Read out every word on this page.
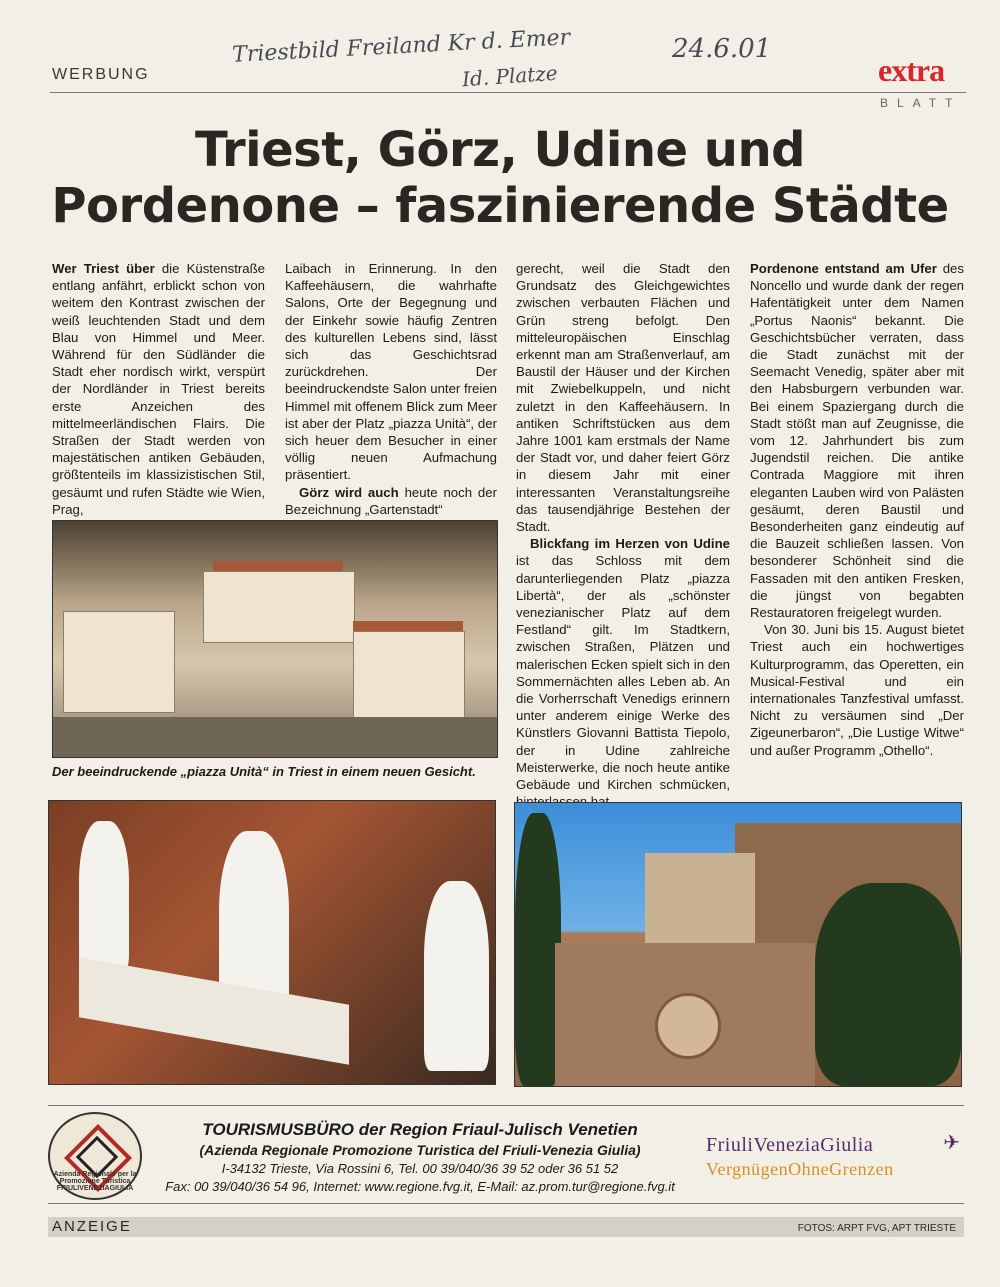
Triestbild Freiland Kr d. Emer
Id. Platze
24.6.01
WERBUNG	extra
BLATT
Triest, Görz, Udine und
Pordenone – faszinierende Städte

Wer Triest über die Küstenstraße entlang anfährt, erblickt schon von weitem den Kontrast zwischen der weiß leuchtenden Stadt und dem Blau von Himmel und Meer. Während für den Südländer die Stadt eher nordisch wirkt, verspürt der Nordländer in Triest bereits erste Anzeichen des mittelmeerländischen Flairs. Die Straßen der Stadt werden von majestätischen antiken Gebäuden, größtenteils im klassizistischen Stil, gesäumt und rufen Städte wie Wien, Prag,

Laibach in Erinnerung. In den Kaffeehäusern, die wahrhafte Salons, Orte der Begegnung und der Einkehr sowie häufig Zentren des kulturellen Lebens sind, lässt sich das Geschichtsrad zurückdrehen. Der beeindruckendste Salon unter freien Himmel mit offenem Blick zum Meer ist aber der Platz „piazza Unità“, der sich heuer dem Besucher in einer völlig neuen Aufmachung präsentiert.

Görz wird auch heute noch der Bezeichnung „Gartenstadt“

gerecht, weil die Stadt den Grundsatz des Gleichgewichtes zwischen verbauten Flächen und Grün streng befolgt. Den mitteleuropäischen Einschlag erkennt man am Straßenverlauf, am Baustil der Häuser und der Kirchen mit Zwiebelkuppeln, und nicht zuletzt in den Kaffeehäusern. In antiken Schriftstücken aus dem Jahre 1001 kam erstmals der Name der Stadt vor, und daher feiert Görz in diesem Jahr mit einer interessanten Veranstaltungsreihe das tausendjährige Bestehen der Stadt.

Blickfang im Herzen von Udine ist das Schloss mit dem darunterliegenden Platz „piazza Libertà“, der als „schönster venezianischer Platz auf dem Festland“ gilt. Im Stadtkern, zwischen Straßen, Plätzen und malerischen Ecken spielt sich in den Sommernächten alles Leben ab. An die Vorherrschaft Venedigs erinnern unter anderem einige Werke des Künstlers Giovanni Battista Tiepolo, der in Udine zahlreiche Meisterwerke, die noch heute antike Gebäude und Kirchen schmücken,

Pordenone entstand am Ufer des Noncello und wurde dank der regen Hafentätigkeit unter dem Namen „Portus Naonis“ bekannt. Die Geschichtsbücher verraten, dass die Stadt zunächst mit der Seemacht Venedig, später aber mit den Habsburgern verbunden war. Bei einem Spaziergang durch die Stadt stößt man auf Zeugnisse, die vom 12. Jahrhundert bis zum Jugendstil reichen. Die antike Contrada Maggiore mit ihren eleganten Lauben wird von Palästen gesäumt, deren Baustil und Besonderheiten ganz eindeutig auf die Bauzeit schließen lassen. Von besonderer Schönheit sind die Fassaden mit den antiken Fresken, die jüngst von begabten Restauratoren freigelegt wurden.

Von 30. Juni bis 15. August bietet Triest auch ein hochwertiges Kulturprogramm, das Operetten, ein Musical-Festival und ein internationales Tanzfestival umfasst. Nicht zu versäumen sind „Der Zigeunerbaron“, „Die Lustige Witwe“ und außer Programm „Othello“.

Der beeindruckende „piazza Unità“ in Triest in einem neuen Gesicht.
Azienda Regionale per la Promozione Turistica FRIULIVENEZIAGIULIA
TOURISMUSBÜRO der Region Friaul-Julisch Venetien
(Azienda Regionale Promozione Turistica del Friuli-Venezia Giulia)
I-34132 Trieste, Via Rossini 6, Tel. 00 39/040/36 39 52 oder 36 51 52
Fax: 00 39/040/36 54 96, Internet: www.regione.fvg.it, E-Mail: az.prom.tur@regione.fvg.it
FriuliVeneziaGiulia
VergnügenOhneGrenzen
✈
ANZEIGE	FOTOS: ARPT FVG, APT TRIESTE
